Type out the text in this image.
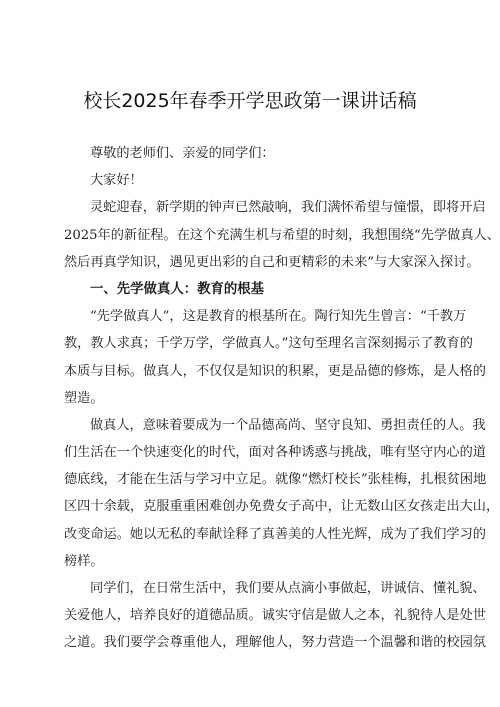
校长2025年春季开学思政第一课讲话稿
尊敬的老师们、亲爱的同学们：
大家好！
灵蛇迎春，新学期的钟声已然敲响，我们满怀希望与憧憬，即将开启
2025年的新征程。在这个充满生机与希望的时刻，我想围绕“先学做真人、
然后再真学知识，遇见更出彩的自己和更精彩的未来”与大家深入探讨。
一、先学做真人：教育的根基
“先学做真人”，这是教育的根基所在。陶行知先生曾言：“千教万
教，教人求真；千学万学，学做真人。”这句至理名言深刻揭示了教育的
本质与目标。做真人，不仅仅是知识的积累，更是品德的修炼，是人格的
塑造。
做真人，意味着要成为一个品德高尚、坚守良知、勇担责任的人。我
们生活在一个快速变化的时代，面对各种诱惑与挑战，唯有坚守内心的道
德底线，才能在生活与学习中立足。就像“燃灯校长”张桂梅，扎根贫困地
区四十余载，克服重重困难创办免费女子高中，让无数山区女孩走出大山，
改变命运。她以无私的奉献诠释了真善美的人性光辉，成为了我们学习的
榜样。
同学们，在日常生活中，我们要从点滴小事做起，讲诚信、懂礼貌、
关爱他人，培养良好的道德品质。诚实守信是做人之本，礼貌待人是处世
之道。我们要学会尊重他人，理解他人，努力营造一个温馨和谐的校园氛
